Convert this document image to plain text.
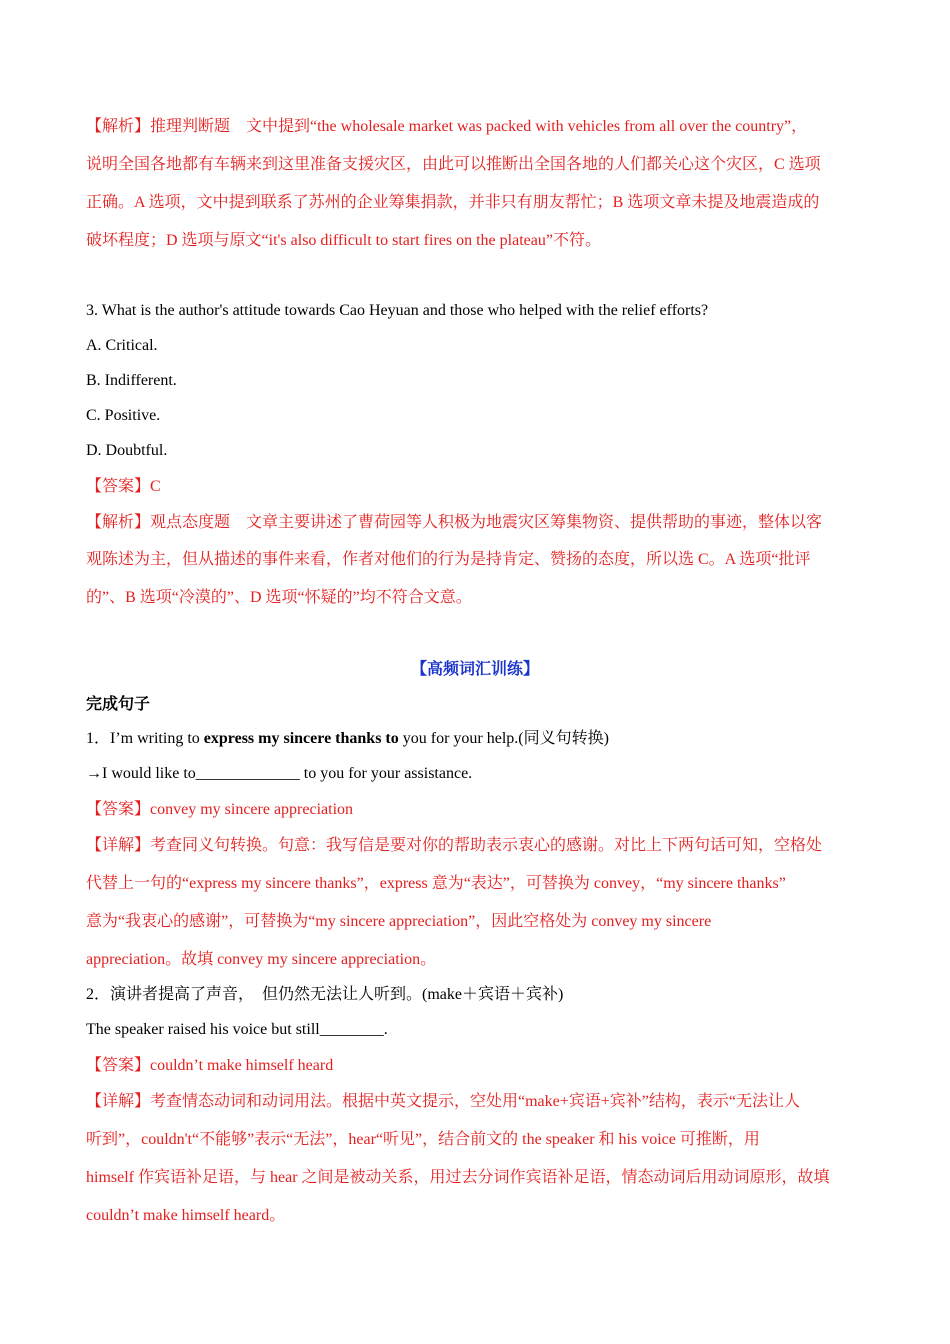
【解析】推理判断题　文中提到“the wholesale market was packed with vehicles from all over the country”，
说明全国各地都有车辆来到这里准备支援灾区，由此可以推断出全国各地的人们都关心这个灾区，C 选项
正确。A 选项，文中提到联系了苏州的企业筹集捐款，并非只有朋友帮忙；B 选项文章未提及地震造成的
破坏程度；D 选项与原文“it's also difficult to start fires on the plateau”不符。
3. What is the author's attitude towards Cao Heyuan and those who helped with the relief efforts?
A. Critical.
B. Indifferent.
C. Positive.
D. Doubtful.
【答案】C
【解析】观点态度题　文章主要讲述了曹荷园等人积极为地震灾区筹集物资、提供帮助的事迹，整体以客
观陈述为主，但从描述的事件来看，作者对他们的行为是持肯定、赞扬的态度，所以选 C。A 选项“批评
的”、B 选项“冷漠的”、D 选项“怀疑的”均不符合文意。
【高频词汇训练】
完成句子
1．I’m writing to express my sincere thanks to you for your help.(同义句转换)
→I would like to_____________ to you for your assistance.
【答案】convey my sincere appreciation
【详解】考查同义句转换。句意：我写信是要对你的帮助表示衷心的感谢。对比上下两句话可知，空格处
代替上一句的“express my sincere thanks”，express 意为“表达”，可替换为 convey，“my sincere thanks”
意为“我衷心的感谢”，可替换为“my sincere appreciation”，因此空格处为 convey my sincere
appreciation。故填 convey my sincere appreciation。
2．演讲者提高了声音，　但仍然无法让人听到。(make＋宾语＋宾补)
The speaker raised his voice but still________.
【答案】couldn’t make himself heard
【详解】考查情态动词和动词用法。根据中英文提示，空处用“make+宾语+宾补”结构，表示“无法让人
听到”，couldn't“不能够”表示“无法”，hear“听见”，结合前文的 the speaker 和 his voice 可推断，用
himself 作宾语补足语，与 hear 之间是被动关系，用过去分词作宾语补足语，情态动词后用动词原形，故填
couldn’t make himself heard。
